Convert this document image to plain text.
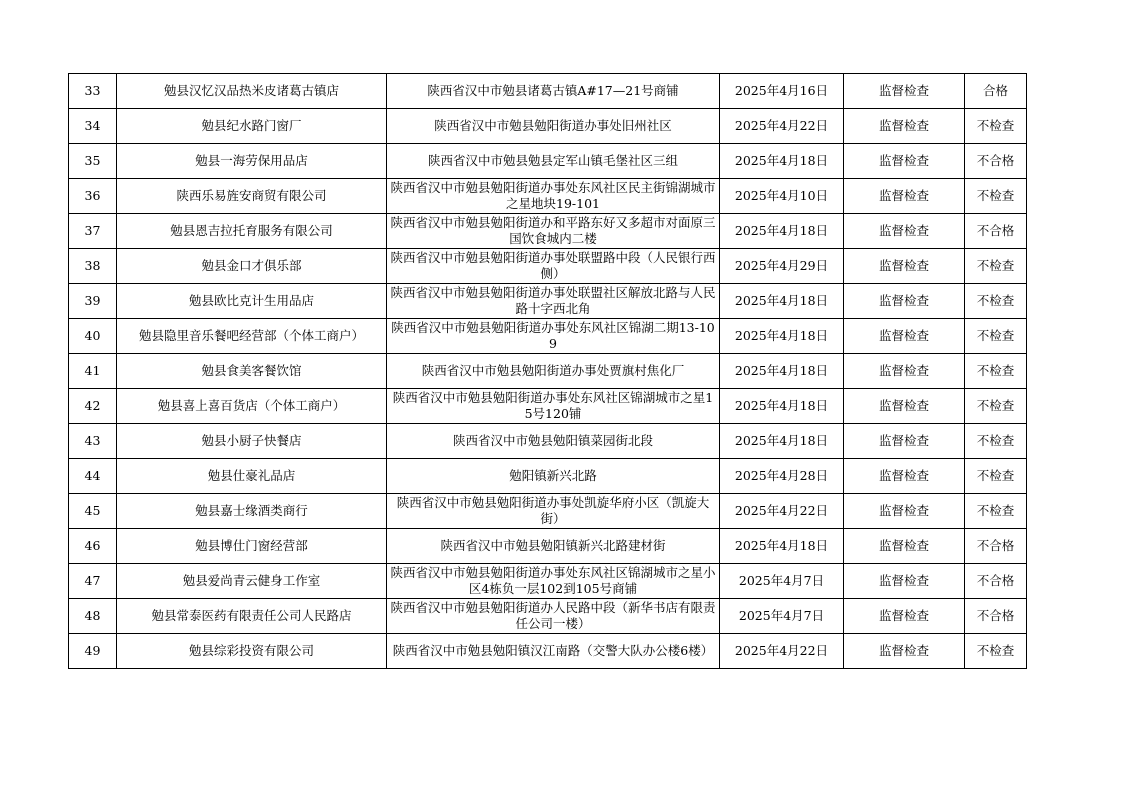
33	勉县汉忆汉品热米皮诸葛古镇店	陕西省汉中市勉县诸葛古镇A#17—21号商铺	2025年4月16日	监督检查	合格
34	勉县纪水路门窗厂	陕西省汉中市勉县勉阳街道办事处旧州社区	2025年4月22日	监督检查	不检查
35	勉县一海劳保用品店	陕西省汉中市勉县勉县定军山镇毛堡社区三组	2025年4月18日	监督检查	不合格
36	陕西乐易旌安商贸有限公司	陕西省汉中市勉县勉阳街道办事处东风社区民主街锦湖城市之星地块19-101	2025年4月10日	监督检查	不检查
37	勉县恩吉拉托育服务有限公司	陕西省汉中市勉县勉阳街道办和平路东好又多超市对面原三国饮食城内二楼	2025年4月18日	监督检查	不合格
38	勉县金口才俱乐部	陕西省汉中市勉县勉阳街道办事处联盟路中段（人民银行西侧）	2025年4月29日	监督检查	不检查
39	勉县欧比克计生用品店	陕西省汉中市勉县勉阳街道办事处联盟社区解放北路与人民路十字西北角	2025年4月18日	监督检查	不检查
40	勉县隐里音乐餐吧经营部（个体工商户）	陕西省汉中市勉县勉阳街道办事处东风社区锦湖二期13-109	2025年4月18日	监督检查	不检查
41	勉县食美客餐饮馆	陕西省汉中市勉县勉阳街道办事处贾旗村焦化厂	2025年4月18日	监督检查	不检查
42	勉县喜上喜百货店（个体工商户）	陕西省汉中市勉县勉阳街道办事处东风社区锦湖城市之星15号120铺	2025年4月18日	监督检查	不检查
43	勉县小厨子快餐店	陕西省汉中市勉县勉阳镇菜园街北段	2025年4月18日	监督检查	不检查
44	勉县仕豪礼品店	勉阳镇新兴北路	2025年4月28日	监督检查	不检查
45	勉县嘉士缘酒类商行	陕西省汉中市勉县勉阳街道办事处凯旋华府小区（凯旋大街）	2025年4月22日	监督检查	不检查
46	勉县博仕门窗经营部	陕西省汉中市勉县勉阳镇新兴北路建材街	2025年4月18日	监督检查	不合格
47	勉县爱尚青云健身工作室	陕西省汉中市勉县勉阳街道办事处东风社区锦湖城市之星小区4栋负一层102到105号商铺	2025年4月7日	监督检查	不合格
48	勉县常泰医药有限责任公司人民路店	陕西省汉中市勉县勉阳街道办人民路中段（新华书店有限责任公司一楼）	2025年4月7日	监督检查	不合格
49	勉县综彩投资有限公司	陕西省汉中市勉县勉阳镇汉江南路（交警大队办公楼6楼）	2025年4月22日	监督检查	不检查
